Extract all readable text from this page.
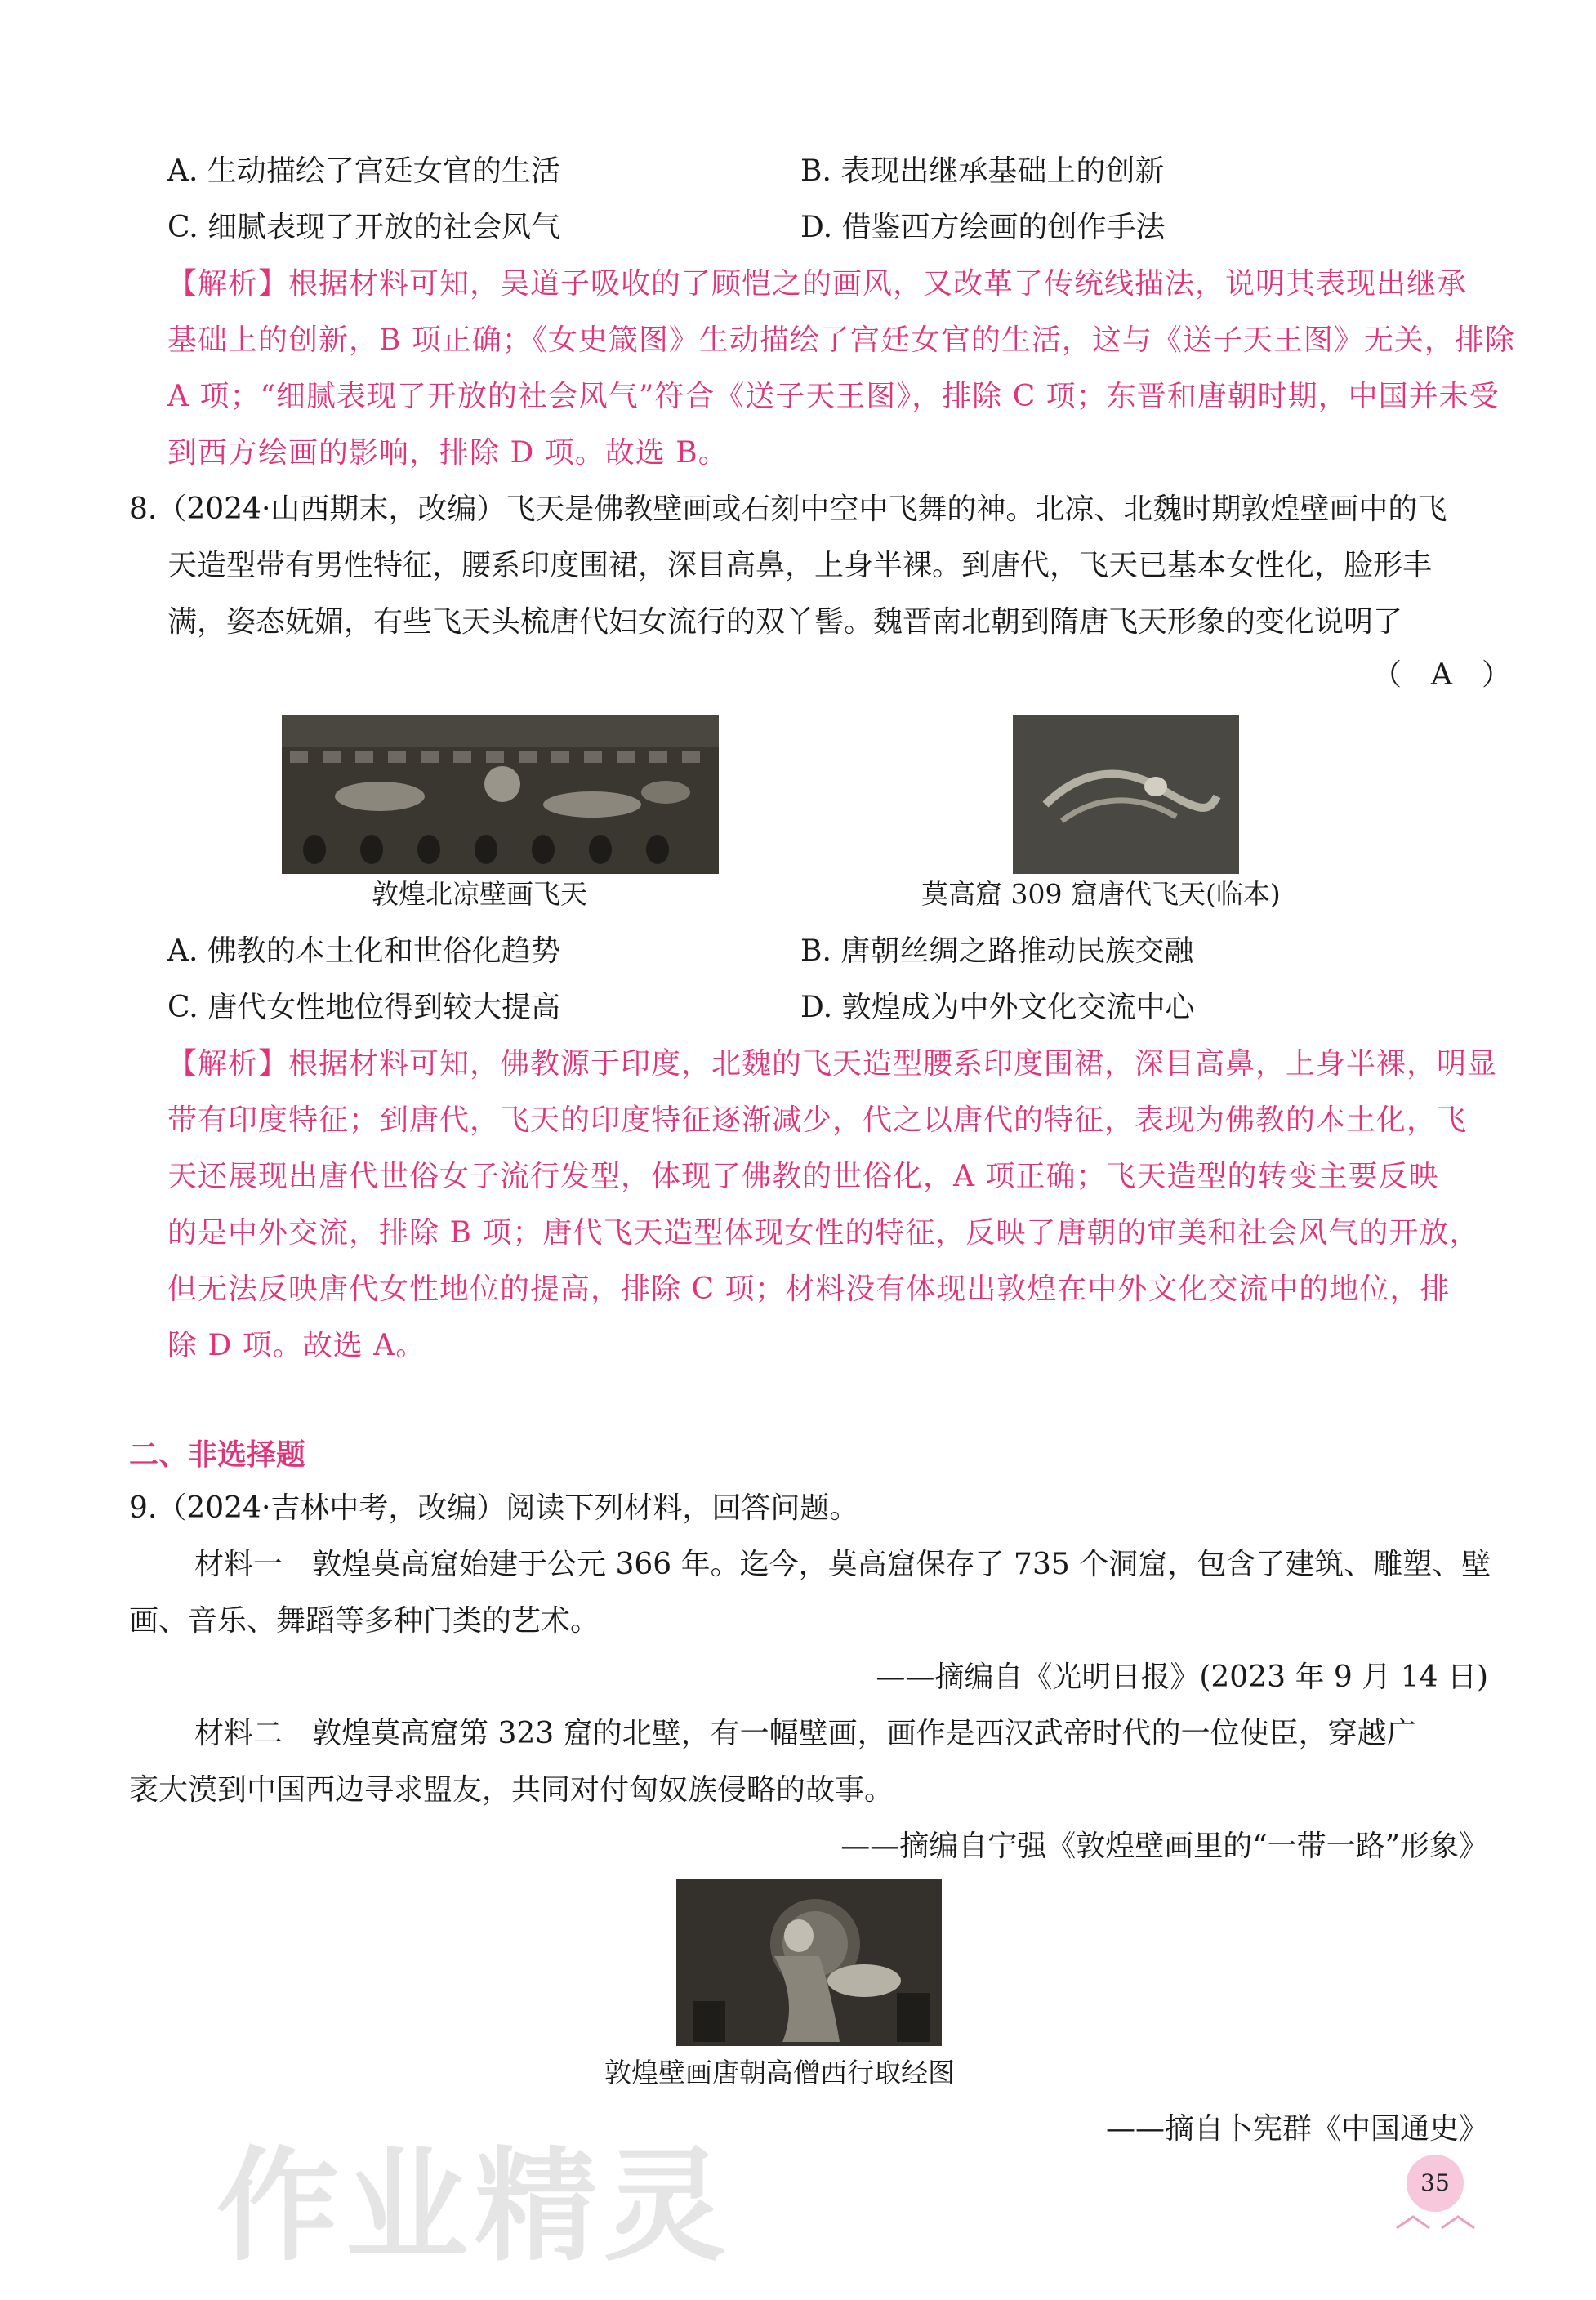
A. 生动描绘了宫廷女官的生活	B. 表现出继承基础上的创新
C. 细腻表现了开放的社会风气	D. 借鉴西方绘画的创作手法
【解析】根据材料可知，吴道子吸收的了顾恺之的画风，又改革了传统线描法，说明其表现出继承
基础上的创新，B 项正确；《女史箴图》生动描绘了宫廷女官的生活，这与《送子天王图》无关，排除
A 项；“细腻表现了开放的社会风气”符合《送子天王图》，排除 C 项；东晋和唐朝时期，中国并未受
到西方绘画的影响，排除 D 项。故选 B。
8.（2024·山西期末，改编）飞天是佛教壁画或石刻中空中飞舞的神。北凉、北魏时期敦煌壁画中的飞
天造型带有男性特征，腰系印度围裙，深目高鼻，上身半裸。到唐代，飞天已基本女性化，脸形丰
满，姿态妩媚，有些飞天头梳唐代妇女流行的双丫髻。魏晋南北朝到隋唐飞天形象的变化说明了
（　A　）
敦煌北凉壁画飞天	莫高窟 309 窟唐代飞天(临本)
A. 佛教的本土化和世俗化趋势	B. 唐朝丝绸之路推动民族交融
C. 唐代女性地位得到较大提高	D. 敦煌成为中外文化交流中心
【解析】根据材料可知，佛教源于印度，北魏的飞天造型腰系印度围裙，深目高鼻，上身半裸，明显
带有印度特征；到唐代，飞天的印度特征逐渐减少，代之以唐代的特征，表现为佛教的本土化，飞
天还展现出唐代世俗女子流行发型，体现了佛教的世俗化，A 项正确；飞天造型的转变主要反映
的是中外交流，排除 B 项；唐代飞天造型体现女性的特征，反映了唐朝的审美和社会风气的开放，
但无法反映唐代女性地位的提高，排除 C 项；材料没有体现出敦煌在中外文化交流中的地位，排
除 D 项。故选 A。
二、非选择题
9.（2024·吉林中考，改编）阅读下列材料，回答问题。
材料一　敦煌莫高窟始建于公元 366 年。迄今，莫高窟保存了 735 个洞窟，包含了建筑、雕塑、壁
画、音乐、舞蹈等多种门类的艺术。
——摘编自《光明日报》(2023 年 9 月 14 日)
材料二　敦煌莫高窟第 323 窟的北壁，有一幅壁画，画作是西汉武帝时代的一位使臣，穿越广
袤大漠到中国西边寻求盟友，共同对付匈奴族侵略的故事。
——摘编自宁强《敦煌壁画里的“一带一路”形象》
敦煌壁画唐朝高僧西行取经图
——摘自卜宪群《中国通史》
作业精灵	35
